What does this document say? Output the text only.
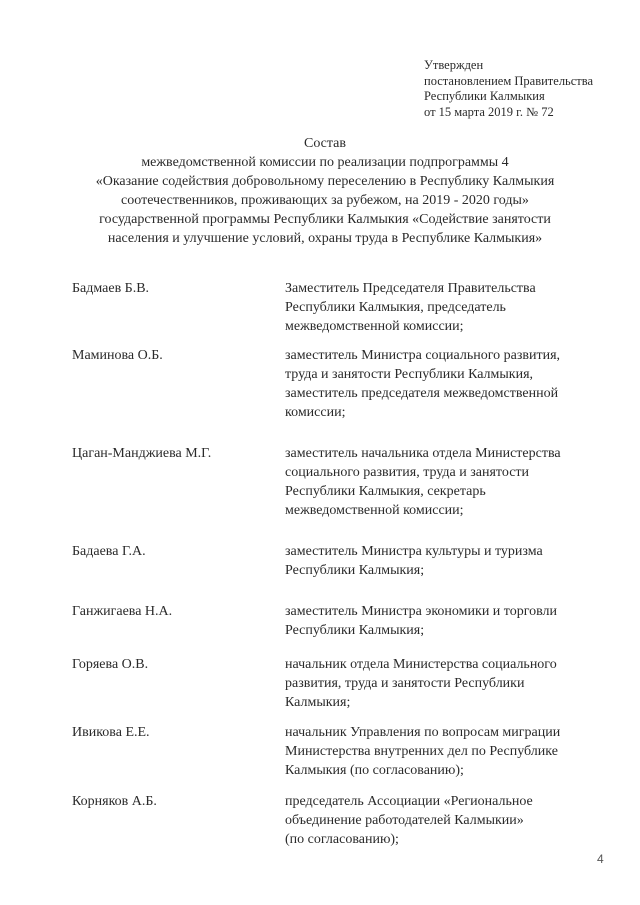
Утвержден
постановлением Правительства
Республики Калмыкия
от 15 марта 2019 г. № 72
Состав
межведомственной комиссии по реализации подпрограммы 4
«Оказание содействия добровольному переселению в Республику Калмыкия
соотечественников, проживающих за рубежом, на 2019 - 2020 годы»
государственной программы Республики Калмыкия «Содействие занятости
населения и улучшение условий, охраны труда в Республике Калмыкия»
Бадмаев Б.В.	Заместитель Председателя Правительства
Республики Калмыкия, председатель
межведомственной комиссии;
Маминова О.Б.	заместитель Министра социального развития,
труда и занятости Республики Калмыкия,
заместитель председателя межведомственной
комиссии;
Цаган-Манджиева М.Г.	заместитель начальника отдела Министерства
социального развития, труда и занятости
Республики Калмыкия, секретарь
межведомственной комиссии;
Бадаева Г.А.	заместитель Министра культуры и туризма
Республики Калмыкия;
Ганжигаева Н.А.	заместитель Министра экономики и торговли
Республики Калмыкия;
Горяева О.В.	начальник отдела Министерства социального
развития, труда и занятости Республики
Калмыкия;
Ивикова Е.Е.	начальник Управления по вопросам миграции
Министерства внутренних дел по Республике
Калмыкия (по согласованию);
Корняков А.Б.	председатель Ассоциации «Региональное
объединение работодателей Калмыкии»
(по согласованию);
4
